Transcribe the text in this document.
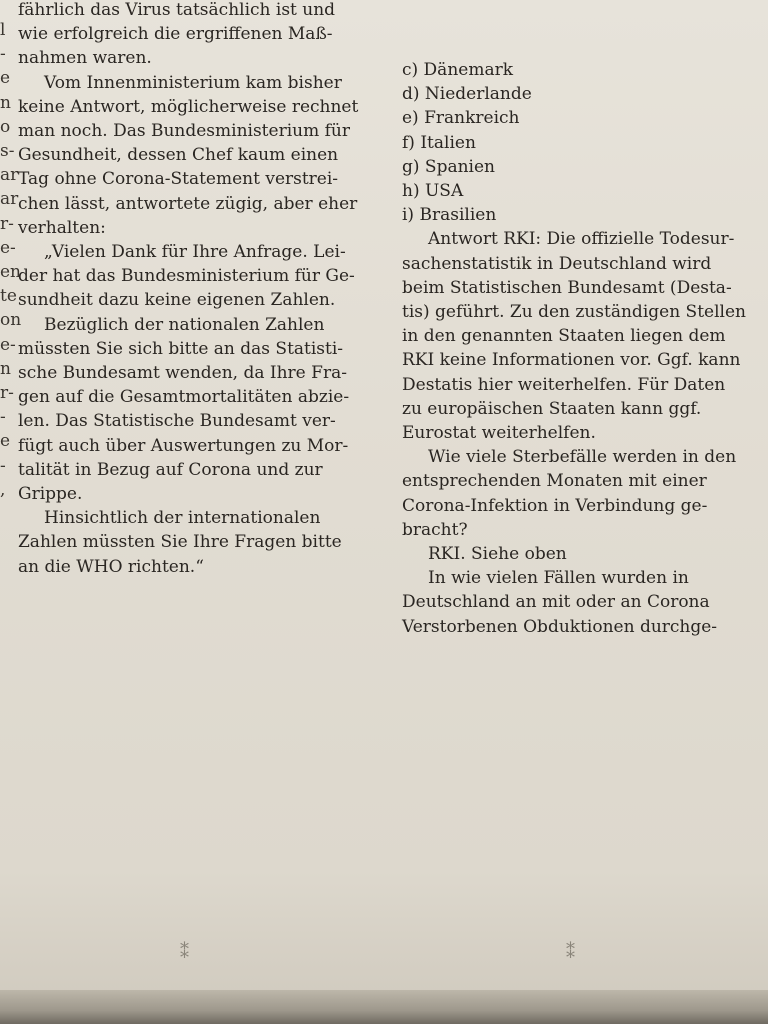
l
-
e
n
o
s-
ar
ar
r-
e-
en
te
on
e-
n
r-
-
e
-
,

fährlich das Virus tatsächlich ist und

wie erfolgreich die ergriffenen Maß-

nahmen waren.

Vom Innenministerium kam bisher

keine Antwort, möglicherweise rechnet

man noch. Das Bundesministerium für

Gesundheit, dessen Chef kaum einen

Tag ohne Corona-Statement verstrei-

chen lässt, antwortete zügig, aber eher

verhalten:

„Vielen Dank für Ihre Anfrage. Lei-

der hat das Bundesministerium für Ge-

sundheit dazu keine eigenen Zahlen.

Bezüglich der nationalen Zahlen

müssten Sie sich bitte an das Statisti-

sche Bundesamt wenden, da Ihre Fra-

gen auf die Gesamtmortalitäten abzie-

len. Das Statistische Bundesamt ver-

fügt auch über Auswertungen zu Mor-

talität in Bezug auf Corona und zur

Grippe.

Hinsichtlich der internationalen

Zahlen müssten Sie Ihre Fragen bitte

an die WHO richten.“

c) Dänemark

d) Niederlande

e) Frankreich

f) Italien

g) Spanien

h) USA

i) Brasilien

Antwort RKI: Die offizielle Todesur-

sachenstatistik in Deutschland wird

beim Statistischen Bundesamt (Desta-

tis) geführt. Zu den zuständigen Stellen

in den genannten Staaten liegen dem

RKI keine Informationen vor. Ggf. kann

Destatis hier weiterhelfen. Für Daten

zu europäischen Staaten kann ggf.

Eurostat weiterhelfen.

Wie viele Sterbefälle werden in den

entsprechenden Monaten mit einer

Corona-Infektion in Verbindung ge-

bracht?

RKI. Siehe oben

In wie vielen Fällen wurden in

Deutschland an mit oder an Corona

Verstorbenen Obduktionen durchge-

⁑	⁑
